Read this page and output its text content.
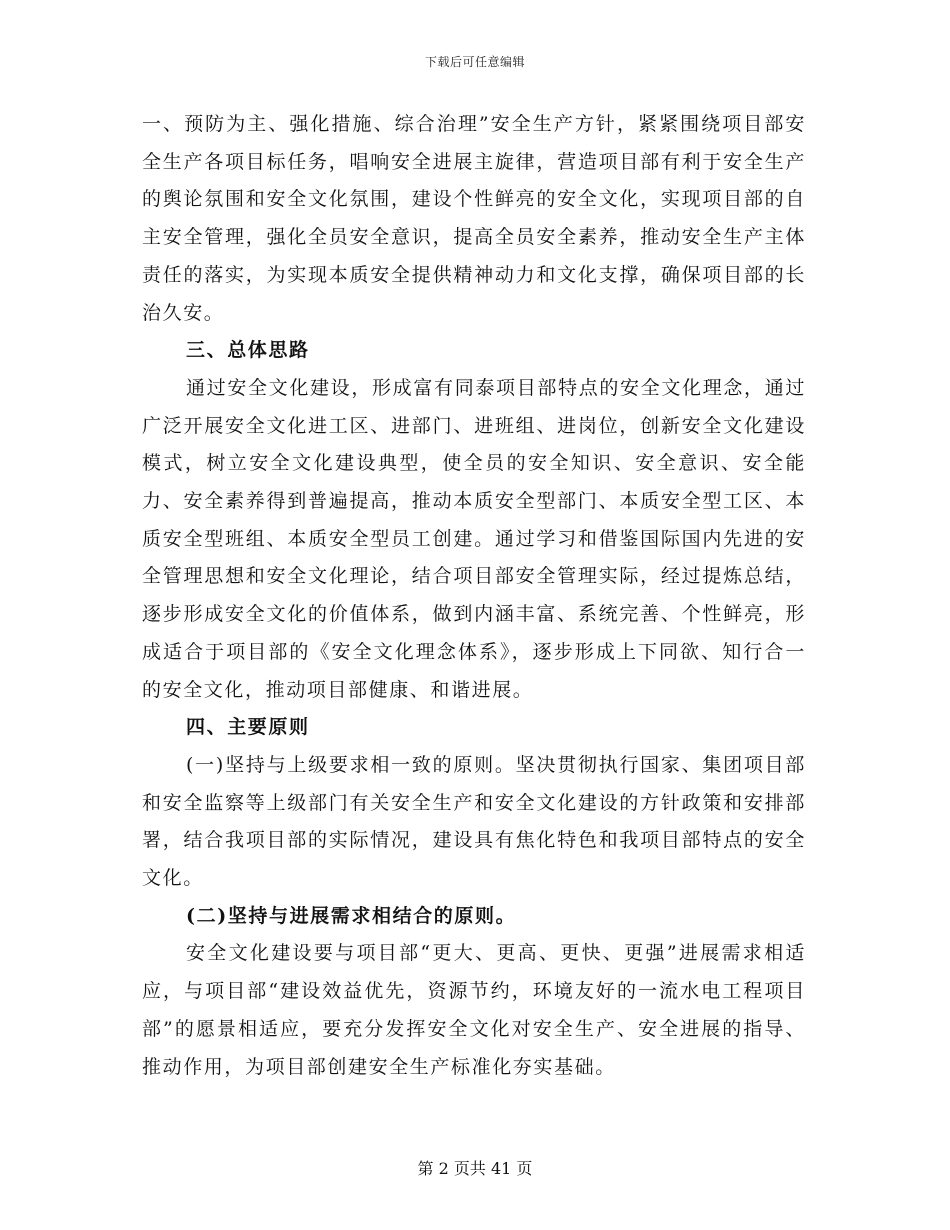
下载后可任意编辑

一、预防为主、强化措施、综合治理”安全生产方针，紧紧围绕项目部安全生产各项目标任务，唱响安全进展主旋律，营造项目部有利于安全生产的舆论氛围和安全文化氛围，建设个性鲜亮的安全文化，实现项目部的自主安全管理，强化全员安全意识，提高全员安全素养，推动安全生产主体责任的落实，为实现本质安全提供精神动力和文化支撑，确保项目部的长治久安。

三、总体思路

通过安全文化建设，形成富有同泰项目部特点的安全文化理念，通过广泛开展安全文化进工区、进部门、进班组、进岗位，创新安全文化建设模式，树立安全文化建设典型，使全员的安全知识、安全意识、安全能力、安全素养得到普遍提高，推动本质安全型部门、本质安全型工区、本质安全型班组、本质安全型员工创建。通过学习和借鉴国际国内先进的安全管理思想和安全文化理论，结合项目部安全管理实际，经过提炼总结，逐步形成安全文化的价值体系，做到内涵丰富、系统完善、个性鲜亮，形成适合于项目部的《安全文化理念体系》，逐步形成上下同欲、知行合一的安全文化，推动项目部健康、和谐进展。

四、主要原则

(一)坚持与上级要求相一致的原则。坚决贯彻执行国家、集团项目部和安全监察等上级部门有关安全生产和安全文化建设的方针政策和安排部署，结合我项目部的实际情况，建设具有焦化特色和我项目部特点的安全文化。

(二)坚持与进展需求相结合的原则。

安全文化建设要与项目部“更大、更高、更快、更强”进展需求相适应，与项目部“建设效益优先，资源节约，环境友好的一流水电工程项目部”的愿景相适应，要充分发挥安全文化对安全生产、安全进展的指导、推动作用，为项目部创建安全生产标准化夯实基础。

第 2 页共 41 页
